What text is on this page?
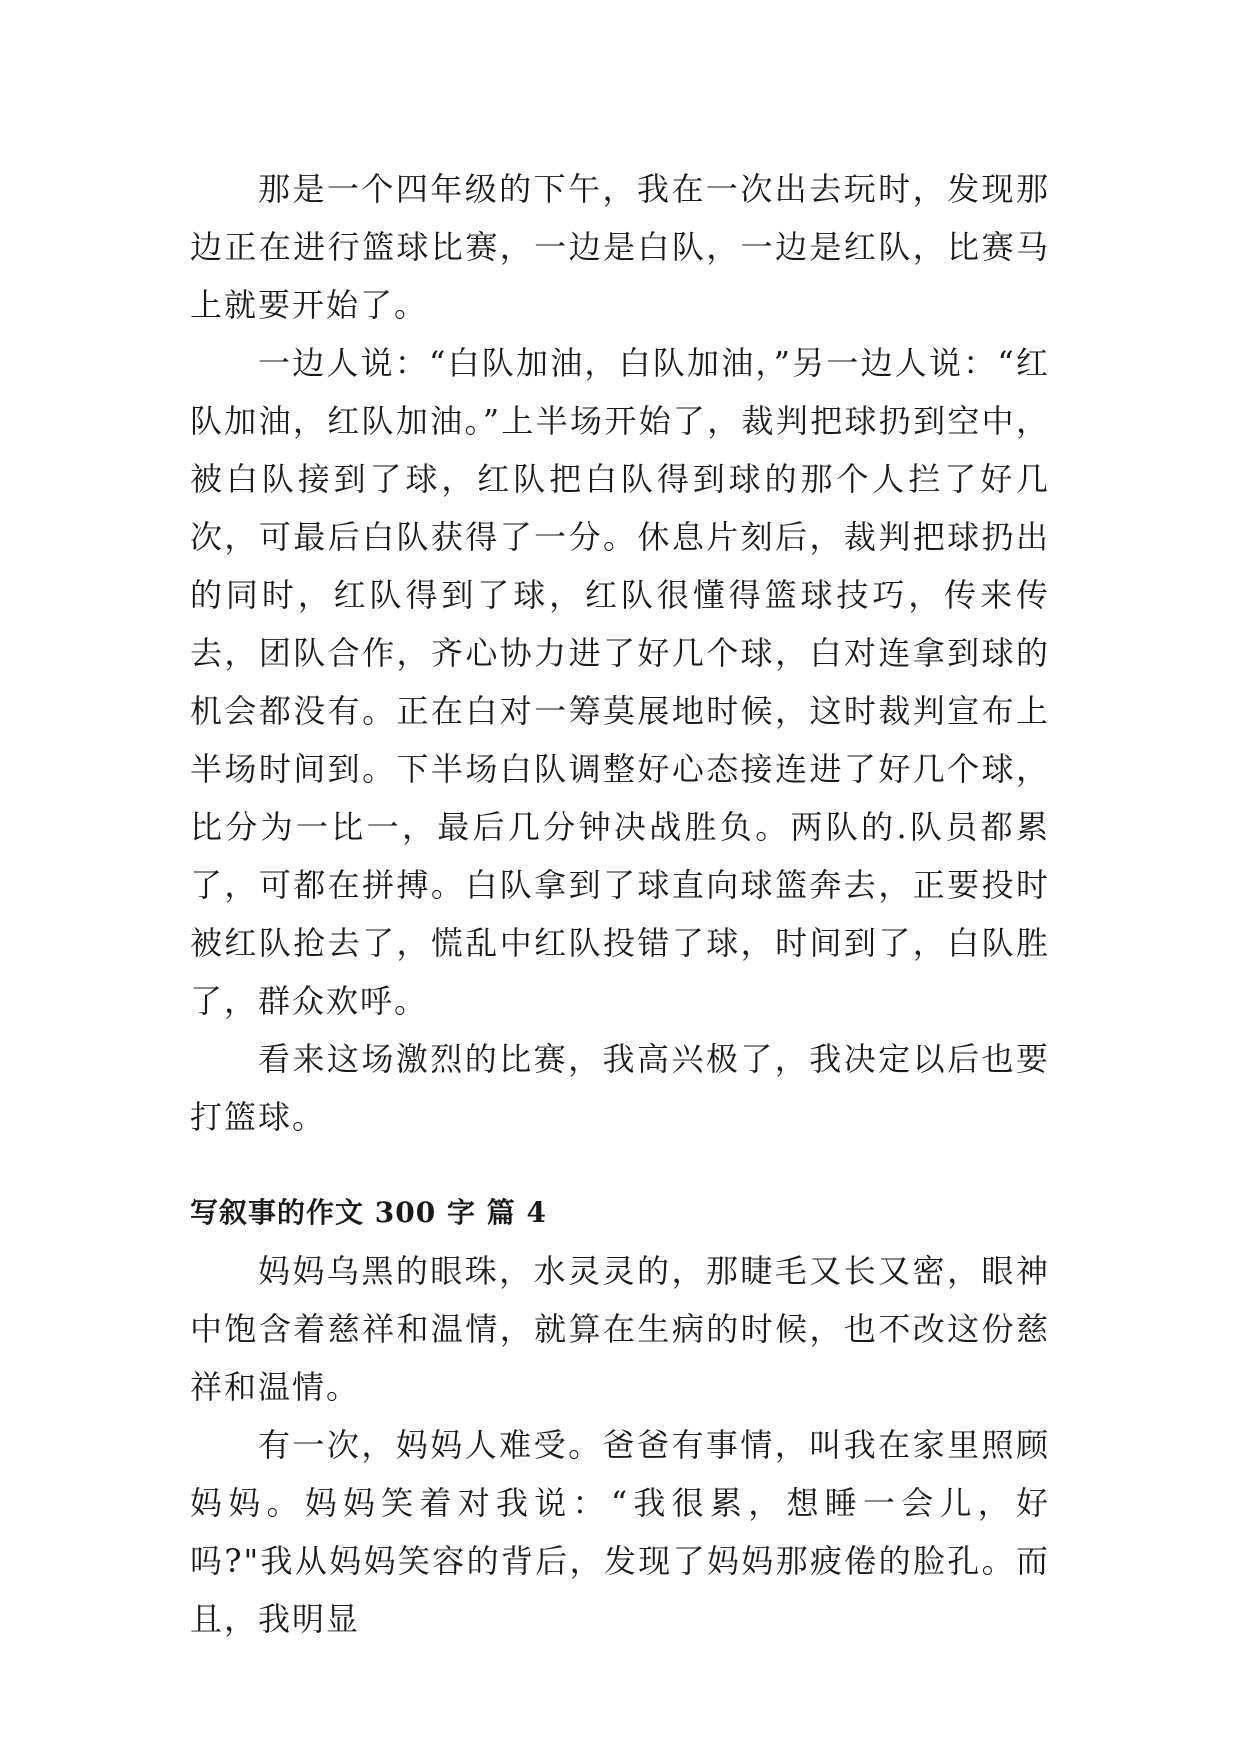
那是一个四年级的下午，我在一次出去玩时，发现那边正在进行篮球比赛，一边是白队，一边是红队，比赛马上就要开始了。

一边人说：“白队加油，白队加油，”另一边人说：“红队加油，红队加油。”上半场开始了，裁判把球扔到空中，被白队接到了球，红队把白队得到球的那个人拦了好几次，可最后白队获得了一分。休息片刻后，裁判把球扔出的同时，红队得到了球，红队很懂得篮球技巧，传来传去，团队合作，齐心协力进了好几个球，白对连拿到球的机会都没有。正在白对一筹莫展地时候，这时裁判宣布上半场时间到。下半场白队调整好心态接连进了好几个球，比分为一比一，最后几分钟决战胜负。两队的.队员都累了，可都在拼搏。白队拿到了球直向球篮奔去，正要投时被红队抢去了，慌乱中红队投错了球，时间到了，白队胜了，群众欢呼。

看来这场激烈的比赛，我高兴极了，我决定以后也要打篮球。

写叙事的作文 300 字 篇 4

妈妈乌黑的眼珠，水灵灵的，那睫毛又长又密，眼神中饱含着慈祥和温情，就算在生病的时候，也不改这份慈祥和温情。

有一次，妈妈人难受。爸爸有事情，叫我在家里照顾妈妈。妈妈笑着对我说：“我很累，想睡一会儿，好吗?"我从妈妈笑容的背后，发现了妈妈那疲倦的脸孔。而且，我明显
